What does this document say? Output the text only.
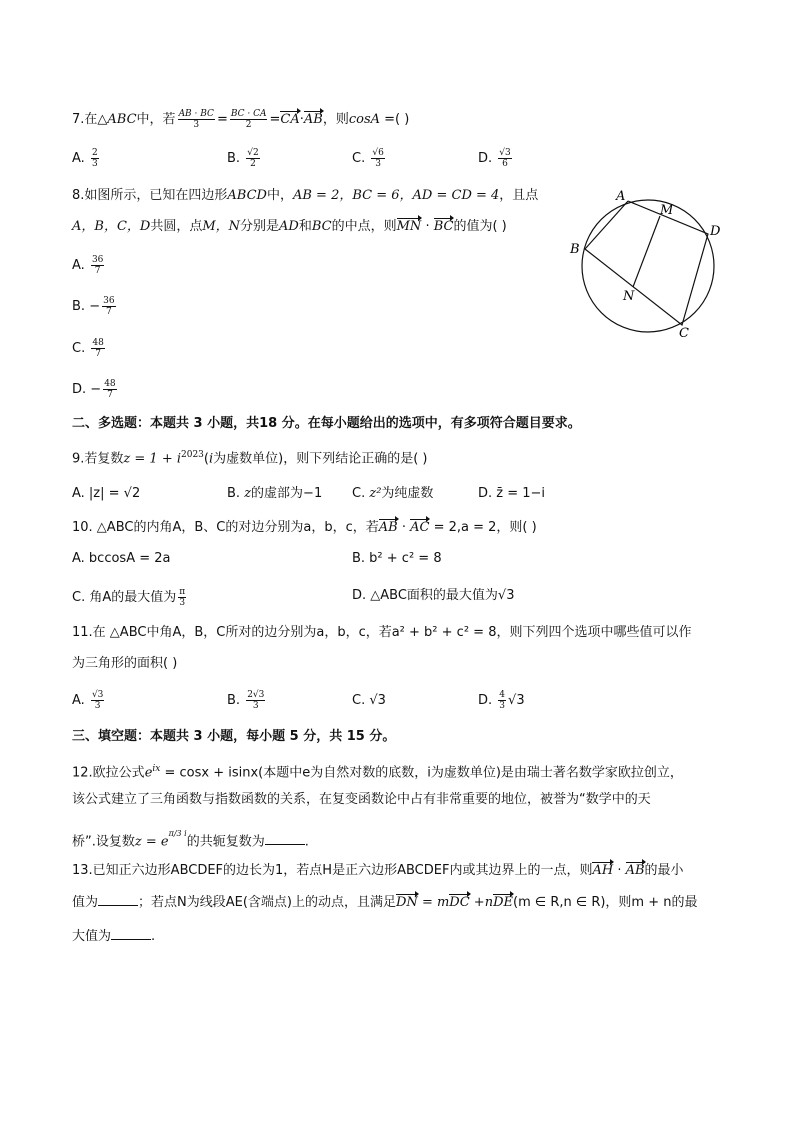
7.在△ABC中，若 $\frac{AB \cdot BC}{3} = \frac{BC \cdot CA}{2} =CA\cdot AB$，则cosA =( )
A. $\frac{2}{3}$	B. $\frac{√2}{2}$	C. $\frac{√6}{3}$	D. $\frac{√3}{6}$
8.如图所示，已知在四边形ABCD中，AB = 2，BC = 6，AD = CD = 4，且点
A，B，C，D共圆，点M，N分别是AD和BC的中点，则MN · BC的值为( )
A. $\frac{36}{7}$
B. − $\frac{36}{7}$
C. $\frac{48}{7}$
D. − $\frac{48}{7}$
A
M
D
B
N
C
二、多选题：本题共 3 小题，共18 分。在每小题给出的选项中，有多项符合题目要求。
9.若复数$z = 1 + i^{2023}(i$为虚数单位)，则下列结论正确的是( )
A. |z| = √2	B. z的虚部为−1 C. z²为纯虚数	D. z̄ = 1−i
10. △ABC的内角A，B、C的对边分别为a，b，c，若AB · AC = 2,a = 2，则( )
A. bccosA = 2a	B. b² + c² = 8
C. 角A的最大值为 $\frac{\pi}{3}$	D. △ABC面积的最大值为√3
11.在 △ABC中角A，B，C所对的边分别为a，b，c，若a² + b² + c² = 8，则下列四个选项中哪些值可以作
为三角形的面积( )
A. $\frac{√3}{3}$	B. $\frac{2√3}{3}$	C. √3	D. $\frac{4}{3} √3$
三、填空题：本题共 3 小题，每小题 5 分，共 15 分。
12.欧拉公式$e^{ix} = \cos x + isinx$(本题中e为自然对数的底数，i为虚数单位)是由瑞士著名数学家欧拉创立，
该公式建立了三角函数与指数函数的关系，在复变函数论中占有非常重要的地位，被誉为“数学中的天
桥”.设复数$z = e^{\pi/3 i}$的共轭复数为	.
13.已知正六边形ABCDEF的边长为1，若点H是正六边形ABCDEF内或其边界上的一点，则AH · AB的最小
值为	；若点N为线段AE(含端点)上的动点，且满足DN = mDC +nDE(m ∈ R,n ∈ R)，则m + n的最
大值为	.
